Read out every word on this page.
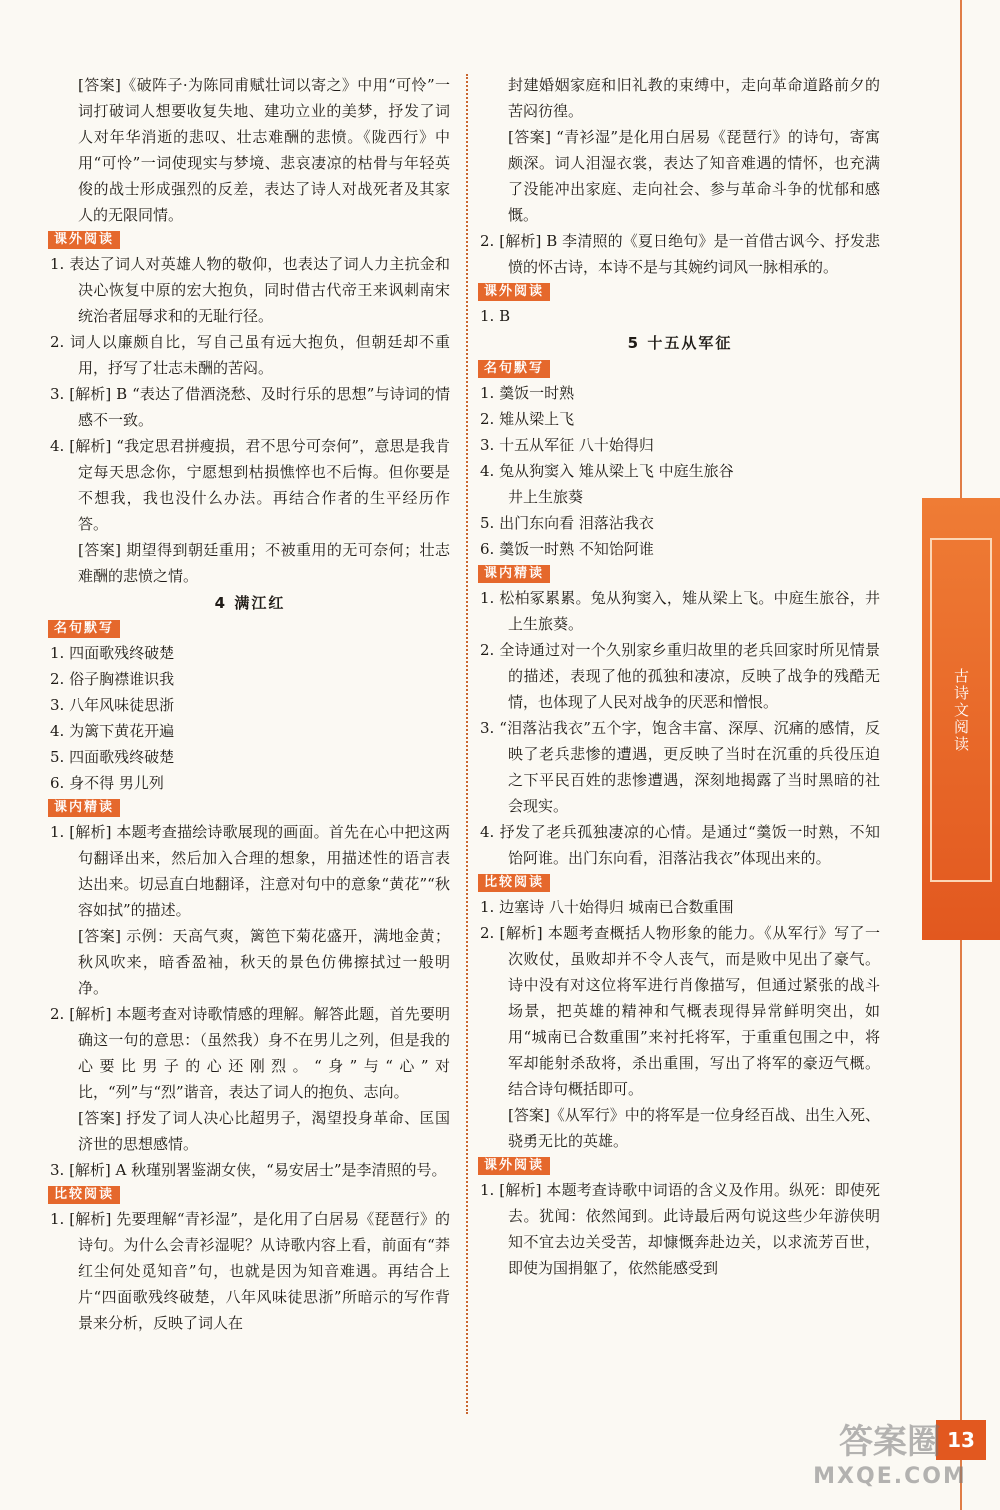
[答案]《破阵子·为陈同甫赋壮词以寄之》中用“可怜”一词打破词人想要收复失地、建功立业的美梦，抒发了词人对年华消逝的悲叹、壮志难酬的悲愤。《陇西行》中用“可怜”一词使现实与梦境、悲哀凄凉的枯骨与年轻英俊的战士形成强烈的反差，表达了诗人对战死者及其家人的无限同情。

课外阅读

1. 表达了词人对英雄人物的敬仰，也表达了词人力主抗金和决心恢复中原的宏大抱负，同时借古代帝王来讽刺南宋统治者屈辱求和的无耻行径。

2. 词人以廉颇自比，写自己虽有远大抱负，但朝廷却不重用，抒写了壮志未酬的苦闷。

3. [解析] B “表达了借酒浇愁、及时行乐的思想”与诗词的情感不一致。

4. [解析] “我定思君拼瘦损，君不思兮可奈何”，意思是我肯定每天思念你，宁愿想到枯损憔悴也不后悔。但你要是不想我，我也没什么办法。再结合作者的生平经历作答。

[答案] 期望得到朝廷重用；不被重用的无可奈何；壮志难酬的悲愤之情。

4 满江红
名句默写

1. 四面歌残终破楚

2. 俗子胸襟谁识我

3. 八年风味徒思浙

4. 为篱下黄花开遍

5. 四面歌残终破楚

6. 身不得 男儿列

课内精读

1. [解析] 本题考查描绘诗歌展现的画面。首先在心中把这两句翻译出来，然后加入合理的想象，用描述性的语言表达出来。切忌直白地翻译，注意对句中的意象“黄花”“秋容如拭”的描述。

[答案] 示例：天高气爽，篱笆下菊花盛开，满地金黄；秋风吹来，暗香盈袖，秋天的景色仿佛擦拭过一般明净。

2. [解析] 本题考查对诗歌情感的理解。解答此题，首先要明确这一句的意思：（虽然我）身不在男儿之列，但是我的心要比男子的心还刚烈。“身”与“心”对比，“列”与“烈”谐音，表达了词人的抱负、志向。

[答案] 抒发了词人决心比超男子，渴望投身革命、匡国济世的思想感情。

3. [解析] A 秋瑾别署鉴湖女侠，“易安居士”是李清照的号。

比较阅读

1. [解析] 先要理解“青衫湿”，是化用了白居易《琵琶行》的诗句。为什么会青衫湿呢？从诗歌内容上看，前面有“莽红尘何处觅知音”句，也就是因为知音难遇。再结合上片“四面歌残终破楚，八年风味徒思浙”所暗示的写作背景来分析，反映了词人在

封建婚姻家庭和旧礼教的束缚中，走向革命道路前夕的苦闷彷徨。

[答案] “青衫湿”是化用白居易《琵琶行》的诗句，寄寓颇深。词人泪湿衣裳，表达了知音难遇的情怀，也充满了没能冲出家庭、走向社会、参与革命斗争的忧郁和感慨。

2. [解析] B 李清照的《夏日绝句》是一首借古讽今、抒发悲愤的怀古诗，本诗不是与其婉约词风一脉相承的。

课外阅读

1. B

5 十五从军征
名句默写

1. 羹饭一时熟

2. 雉从梁上飞

3. 十五从军征 八十始得归

4. 兔从狗窦入 雉从梁上飞 中庭生旅谷

井上生旅葵

5. 出门东向看 泪落沾我衣

6. 羹饭一时熟 不知饴阿谁

课内精读

1. 松柏冢累累。兔从狗窦入，雉从梁上飞。中庭生旅谷，井上生旅葵。

2. 全诗通过对一个久别家乡重归故里的老兵回家时所见情景的描述，表现了他的孤独和凄凉，反映了战争的残酷无情，也体现了人民对战争的厌恶和憎恨。

3. “泪落沾我衣”五个字，饱含丰富、深厚、沉痛的感情，反映了老兵悲惨的遭遇，更反映了当时在沉重的兵役压迫之下平民百姓的悲惨遭遇，深刻地揭露了当时黑暗的社会现实。

4. 抒发了老兵孤独凄凉的心情。是通过“羹饭一时熟，不知饴阿谁。出门东向看，泪落沾我衣”体现出来的。

比较阅读

1. 边塞诗 八十始得归 城南已合数重围

2. [解析] 本题考查概括人物形象的能力。《从军行》写了一次败仗，虽败却并不令人丧气，而是败中见出了豪气。诗中没有对这位将军进行肖像描写，但通过紧张的战斗场景，把英雄的精神和气概表现得异常鲜明突出，如用“城南已合数重围”来衬托将军，于重重包围之中，将军却能射杀敌将，杀出重围，写出了将军的豪迈气概。结合诗句概括即可。

[答案]《从军行》中的将军是一位身经百战、出生入死、骁勇无比的英雄。

课外阅读

1. [解析] 本题考查诗歌中词语的含义及作用。纵死：即使死去。犹闻：依然闻到。此诗最后两句说这些少年游侠明知不宜去边关受苦，却慷慨奔赴边关，以求流芳百世，即使为国捐躯了，依然能感受到

古诗文阅读
13
答案圈
MXQE.COM
